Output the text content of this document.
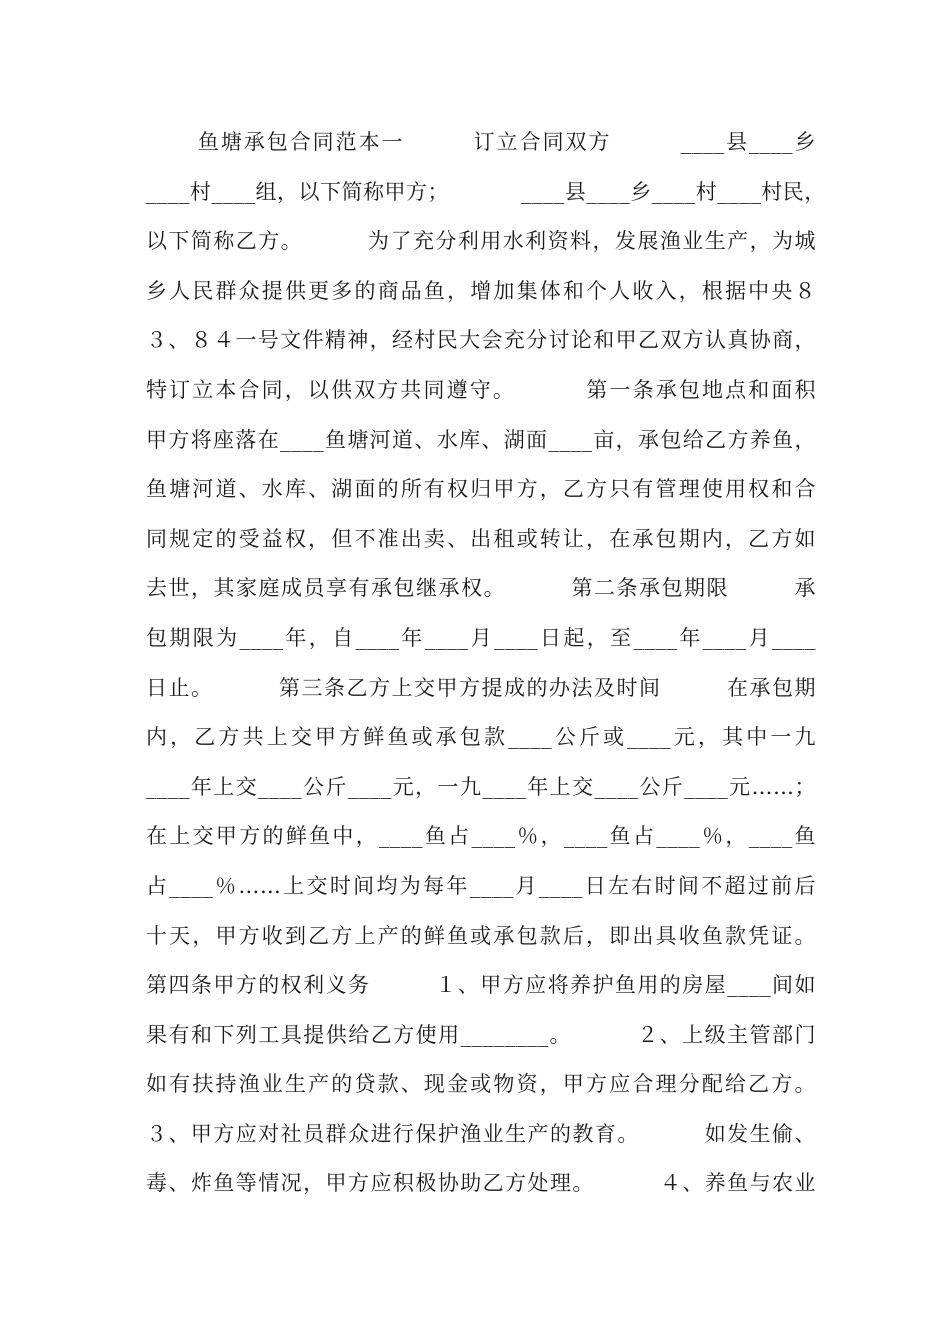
鱼塘承包合同范本一        订立合同双方        ____县____乡
____村____组，以下简称甲方；          ____县____乡____村____村民，
以下简称乙方。        为了充分利用水利资料，发展渔业生产，为城
乡人民群众提供更多的商品鱼，增加集体和个人收入，根据中央８
３、８４一号文件精神，经村民大会充分讨论和甲乙双方认真协商，
特订立本合同，以供双方共同遵守。        第一条承包地点和面积
甲方将座落在____鱼塘河道、水库、湖面____亩，承包给乙方养鱼，
鱼塘河道、水库、湖面的所有权归甲方，乙方只有管理使用权和合
同规定的受益权，但不准出卖、出租或转让，在承包期内，乙方如
去世，其家庭成员享有承包继承权。        第二条承包期限        承
包期限为____年，自____年____月____日起，至____年____月____
日止。        第三条乙方上交甲方提成的办法及时间        在承包期
内，乙方共上交甲方鲜鱼或承包款____公斤或____元，其中一九
____年上交____公斤____元，一九____年上交____公斤____元……；
在上交甲方的鲜鱼中，____鱼占____％，____鱼占____％，____鱼
占____％……上交时间均为每年____月____日左右时间不超过前后
十天，甲方收到乙方上产的鲜鱼或承包款后，即出具收鱼款凭证。
第四条甲方的权利义务        １、甲方应将养护鱼用的房屋____间如
果有和下列工具提供给乙方使用________。        ２、上级主管部门
如有扶持渔业生产的贷款、现金或物资，甲方应合理分配给乙方。
３、甲方应对社员群众进行保护渔业生产的教育。        如发生偷、
毒、炸鱼等情况，甲方应积极协助乙方处理。        ４、养鱼与农业
